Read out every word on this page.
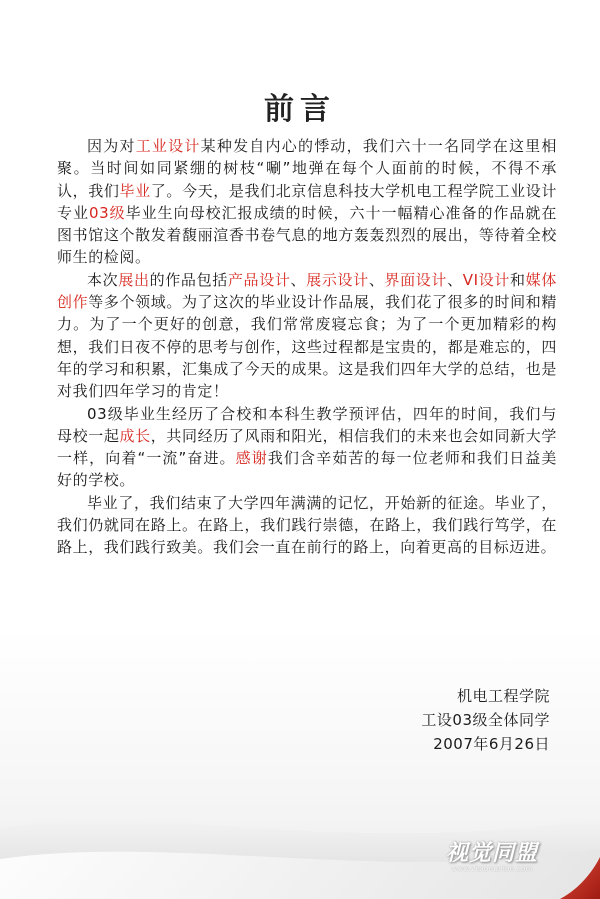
前言

因为对工业设计某种发自内心的悸动，我们六十一名同学在这里相聚。当时间如同紧绷的树枝“唰”地弹在每个人面前的时候，不得不承认，我们毕业了。今天，是我们北京信息科技大学机电工程学院工业设计专业03级毕业生向母校汇报成绩的时候，六十一幅精心准备的作品就在图书馆这个散发着馥丽渲香书卷气息的地方轰轰烈烈的展出，等待着全校师生的检阅。

本次展出的作品包括产品设计、展示设计、界面设计、VI设计和媒体创作等多个领域。为了这次的毕业设计作品展，我们花了很多的时间和精力。为了一个更好的创意，我们常常废寝忘食；为了一个更加精彩的构想，我们日夜不停的思考与创作，这些过程都是宝贵的，都是难忘的，四年的学习和积累，汇集成了今天的成果。这是我们四年大学的总结，也是对我们四年学习的肯定！

03级毕业生经历了合校和本科生教学预评估，四年的时间，我们与母校一起成长，共同经历了风雨和阳光，相信我们的未来也会如同新大学一样，向着“一流”奋进。感谢我们含辛茹苦的每一位老师和我们日益美好的学校。

毕业了，我们结束了大学四年满满的记忆，开始新的征途。毕业了，我们仍就同在路上。在路上，我们践行崇德，在路上，我们践行笃学，在路上，我们践行致美。我们会一直在前行的路上，向着更高的目标迈进。

机电工程学院
工设03级全体同学
2007年6月26日
视觉同盟
www.visionunion.com
